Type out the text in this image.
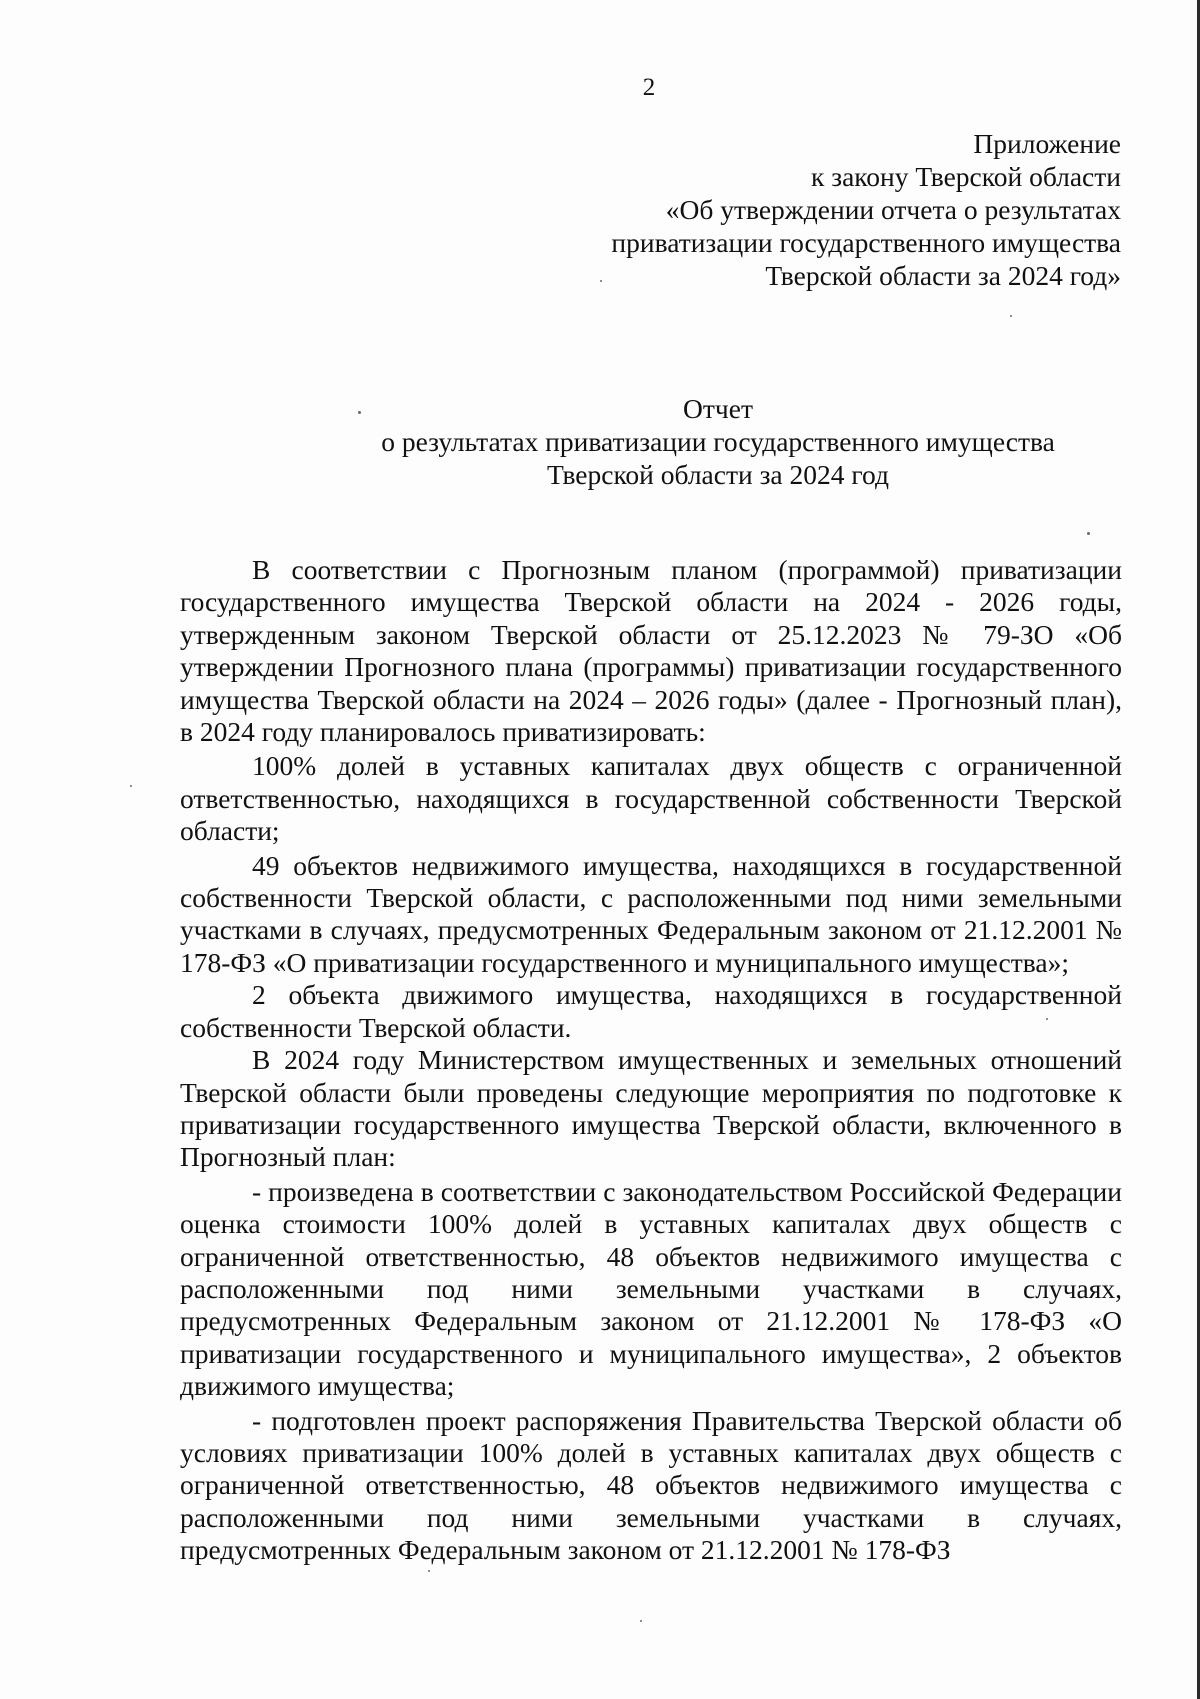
2
Приложение
к закону Тверской области
«Об утверждении отчета о результатах
приватизации государственного имущества
Тверской области за 2024 год»
Отчет
о результатах приватизации государственного имущества
Тверской области за 2024 год

В соответствии с Прогнозным планом (программой) приватизации государственного имущества Тверской области на 2024 - 2026 годы, утвержденным законом Тверской области от 25.12.2023 № 79-ЗО «Об утверждении Прогнозного плана (программы) приватизации государственного имущества Тверской области на 2024 – 2026 годы» (далее - Прогнозный план), в 2024 году планировалось приватизировать:

100% долей в уставных капиталах двух обществ с ограниченной ответственностью, находящихся в государственной собственности Тверской области;

49 объектов недвижимого имущества, находящихся в государственной собственности Тверской области, с расположенными под ними земельными участками в случаях, предусмотренных Федеральным законом от 21.12.2001 № 178-ФЗ «О приватизации государственного и муниципального имущества»;

2 объекта движимого имущества, находящихся в государственной собственности Тверской области.

В 2024 году Министерством имущественных и земельных отношений Тверской области были проведены следующие мероприятия по подготовке к приватизации государственного имущества Тверской области, включенного в Прогнозный план:

- произведена в соответствии с законодательством Российской Федерации оценка стоимости 100% долей в уставных капиталах двух обществ с ограниченной ответственностью, 48 объектов недвижимого имущества с расположенными под ними земельными участками в случаях, предусмотренных Федеральным законом от 21.12.2001 № 178-ФЗ «О приватизации государственного и муниципального имущества», 2 объектов движимого имущества;

- подготовлен проект распоряжения Правительства Тверской области об условиях приватизации 100% долей в уставных капиталах двух обществ с ограниченной ответственностью, 48 объектов недвижимого имущества с расположенными под ними земельными участками в случаях, предусмотренных Федеральным законом от 21.12.2001 № 178-ФЗ
